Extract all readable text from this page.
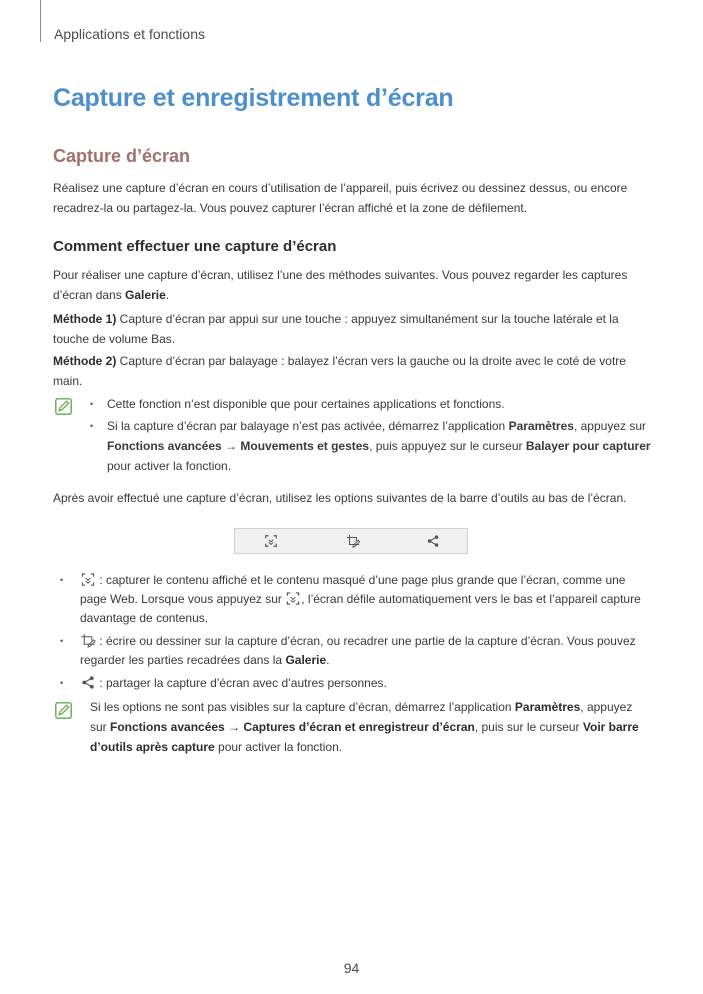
Applications et fonctions
Capture et enregistrement d’écran
Capture d’écran

Réalisez une capture d’écran en cours d’utilisation de l’appareil, puis écrivez ou dessinez dessus, ou encore recadrez-la ou partagez-la. Vous pouvez capturer l’écran affiché et la zone de défilement.

Comment effectuer une capture d’écran

Pour réaliser une capture d’écran, utilisez l’une des méthodes suivantes. Vous pouvez regarder les captures d’écran dans Galerie.

Méthode 1) Capture d’écran par appui sur une touche : appuyez simultanément sur la touche latérale et la touche de volume Bas.

Méthode 2) Capture d’écran par balayage : balayez l’écran vers la gauche ou la droite avec le coté de votre main.

• Cette fonction n’est disponible que pour certaines applications et fonctions.
• Si la capture d’écran par balayage n’est pas activée, démarrez l’application Paramètres, appuyez sur Fonctions avancées → Mouvements et gestes, puis appuyez sur le curseur Balayer pour capturer pour activer la fonction.

Après avoir effectué une capture d’écran, utilisez les options suivantes de la barre d’outils au bas de l’écran.

• : capturer le contenu affiché et le contenu masqué d’une page plus grande que l’écran, comme une page Web. Lorsque vous appuyez sur , l’écran défile automatiquement vers le bas et l’appareil capture davantage de contenus.
• : écrire ou dessiner sur la capture d’écran, ou recadrer une partie de la capture d’écran. Vous pouvez regarder les parties recadrées dans la Galerie.
• : partager la capture d’écran avec d’autres personnes.

Si les options ne sont pas visibles sur la capture d’écran, démarrez l’application Paramètres, appuyez sur Fonctions avancées → Captures d’écran et enregistreur d’écran, puis sur le curseur Voir barre d’outils après capture pour activer la fonction.

94
